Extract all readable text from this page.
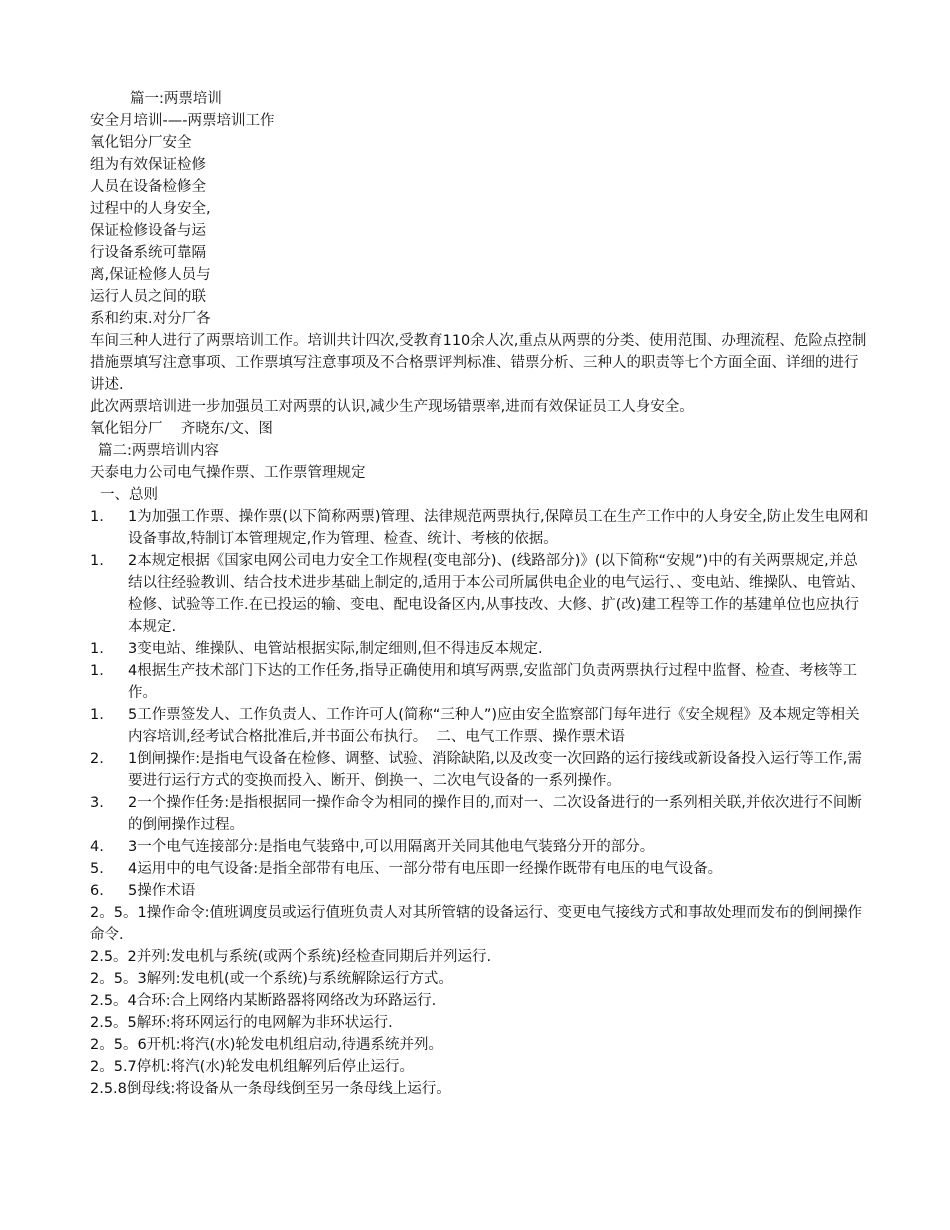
篇一:两票培训
安全月培训-—-两票培训工作
氧化铝分厂安全
组为有效保证检修
人员在设备检修全
过程中的人身安全,
保证检修设备与运
行设备系统可靠隔
离,保证检修人员与
运行人员之间的联
系和约束.对分厂各
车间三种人进行了两票培训工作。培训共计四次,受教育110余人次,重点从两票的分类、使用范围、办理流程、危险点控制措施票填写注意事项、工作票填写注意事项及不合格票评判标准、错票分析、三种人的职责等七个方面全面、详细的进行讲述.
此次两票培训进一步加强员工对两票的认识,减少生产现场错票率,进而有效保证员工人身安全。
氧化铝分厂    齐晓东/文、图
篇二:两票培训内容
天泰电力公司电气操作票、工作票管理规定
一、总则
1.	1为加强工作票、操作票(以下简称两票)管理、法律规范两票执行,保障员工在生产工作中的人身安全,防止发生电网和设备事故,特制订本管理规定,作为管理、检查、统计、考核的依据。
1.	2本规定根据《国家电网公司电力安全工作规程(变电部分)、(线路部分)》(以下简称“安规”)中的有关两票规定,并总结以往经验教训、结合技术进步基础上制定的,适用于本公司所属供电企业的电气运行、、变电站、维操队、电管站、检修、试验等工作.在已投运的输、变电、配电设备区内,从事技改、大修、扩(改)建工程等工作的基建单位也应执行本规定.
1.	3变电站、维操队、电管站根据实际,制定细则,但不得违反本规定.
1.	4根据生产技术部门下达的工作任务,指导正确使用和填写两票,安监部门负责两票执行过程中监督、检查、考核等工作。
1.	5工作票签发人、工作负责人、工作许可人(简称“三种人”)应由安全监察部门每年进行《安全规程》及本规定等相关内容培训,经考试合格批准后,并书面公布执行。  二、电气工作票、操作票术语
2.	1倒闸操作:是指电气设备在检修、调整、试验、消除缺陷,以及改变一次回路的运行接线或新设备投入运行等工作,需要进行运行方式的变换而投入、断开、倒换一、二次电气设备的一系列操作。
3.	2一个操作任务:是指根据同一操作命令为相同的操作目的,而对一、二次设备进行的一系列相关联,并依次进行不间断的倒闸操作过程。
4.	3一个电气连接部分:是指电气装臵中,可以用隔离开关同其他电气装臵分开的部分。
5.	4运用中的电气设备:是指全部带有电压、一部分带有电压即一经操作既带有电压的电气设备。
6.	5操作术语
2。5。1操作命令:值班调度员或运行值班负责人对其所管辖的设备运行、变更电气接线方式和事故处理而发布的倒闸操作命令.
2.5。2并列:发电机与系统(或两个系统)经检查同期后并列运行.
2。5。3解列:发电机(或一个系统)与系统解除运行方式。
2.5。4合环:合上网络内某断路器将网络改为环路运行.
2.5。5解环:将环网运行的电网解为非环状运行.
2。5。6开机:将汽(水)轮发电机组启动,待遇系统并列。
2。5.7停机:将汽(水)轮发电机组解列后停止运行。
2.5.8倒母线:将设备从一条母线倒至另一条母线上运行。
